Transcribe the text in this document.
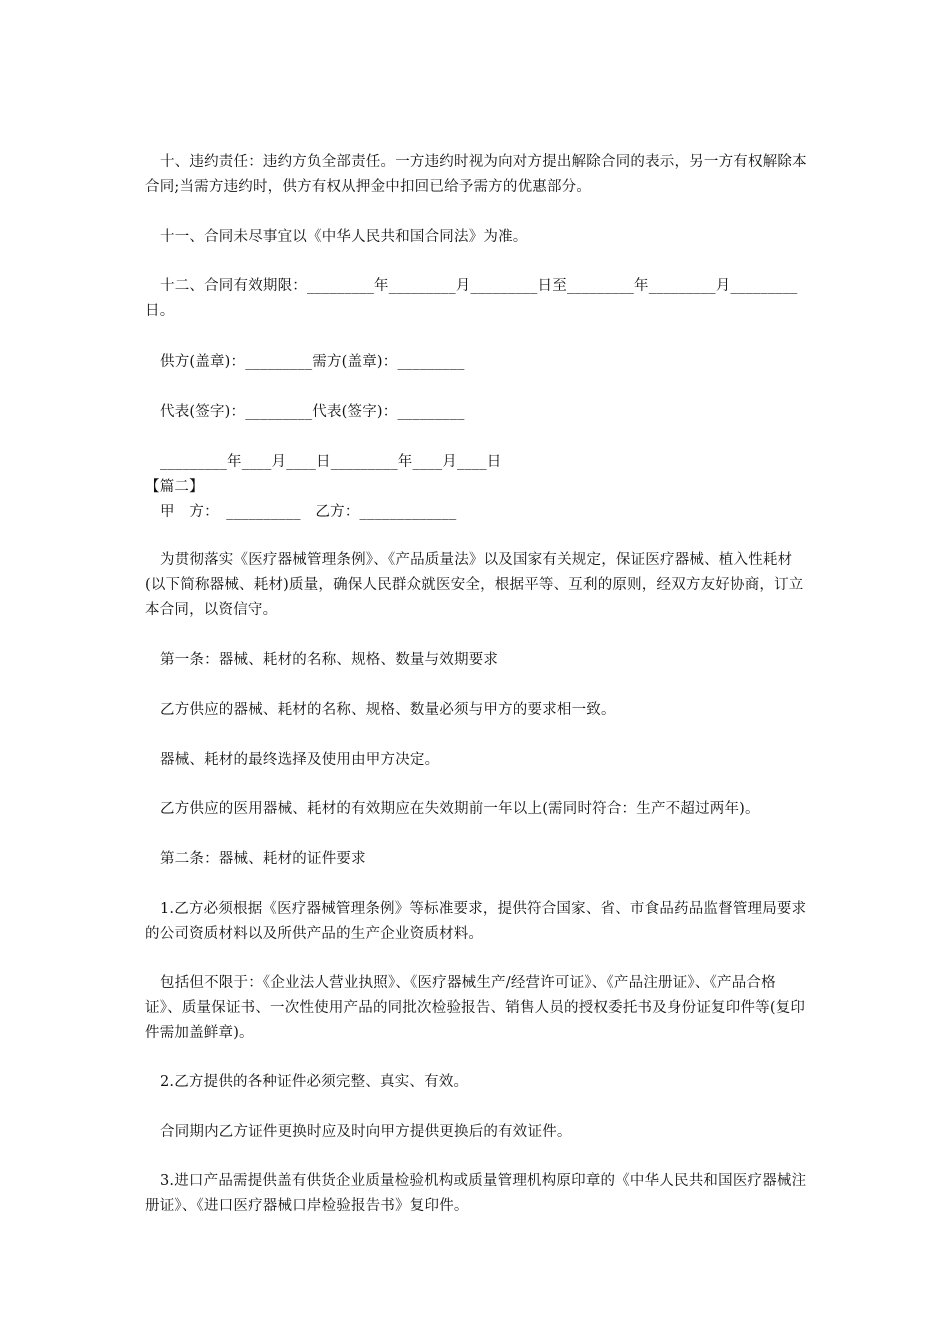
十、违约责任：违约方负全部责任。一方违约时视为向对方提出解除合同的表示，另一方有权解除本合同;当需方违约时，供方有权从押金中扣回已给予需方的优惠部分。

十一、合同未尽事宜以《中华人民共和国合同法》为准。

十二、合同有效期限：_________年_________月_________日至_________年_________月_________日。

供方(盖章)：_________需方(盖章)：_________

代表(签字)：_________代表(签字)：_________

_________年____月____日_________年____月____日

【篇二】

甲　方：　__________　乙方：_____________

为贯彻落实《医疗器械管理条例》、《产品质量法》以及国家有关规定，保证医疗器械、植入性耗材(以下简称器械、耗材)质量，确保人民群众就医安全，根据平等、互利的原则，经双方友好协商，订立本合同，以资信守。

第一条：器械、耗材的名称、规格、数量与效期要求

乙方供应的器械、耗材的名称、规格、数量必须与甲方的要求相一致。

器械、耗材的最终选择及使用由甲方决定。

乙方供应的医用器械、耗材的有效期应在失效期前一年以上(需同时符合：生产不超过两年)。

第二条：器械、耗材的证件要求

1.乙方必须根据《医疗器械管理条例》等标准要求，提供符合国家、省、市食品药品监督管理局要求的公司资质材料以及所供产品的生产企业资质材料。

包括但不限于：《企业法人营业执照》、《医疗器械生产/经营许可证》、《产品注册证》、《产品合格证》、质量保证书、一次性使用产品的同批次检验报告、销售人员的授权委托书及身份证复印件等(复印件需加盖鲜章)。

2.乙方提供的各种证件必须完整、真实、有效。

合同期内乙方证件更换时应及时向甲方提供更换后的有效证件。

3.进口产品需提供盖有供货企业质量检验机构或质量管理机构原印章的《中华人民共和国医疗器械注册证》、《进口医疗器械口岸检验报告书》复印件。
